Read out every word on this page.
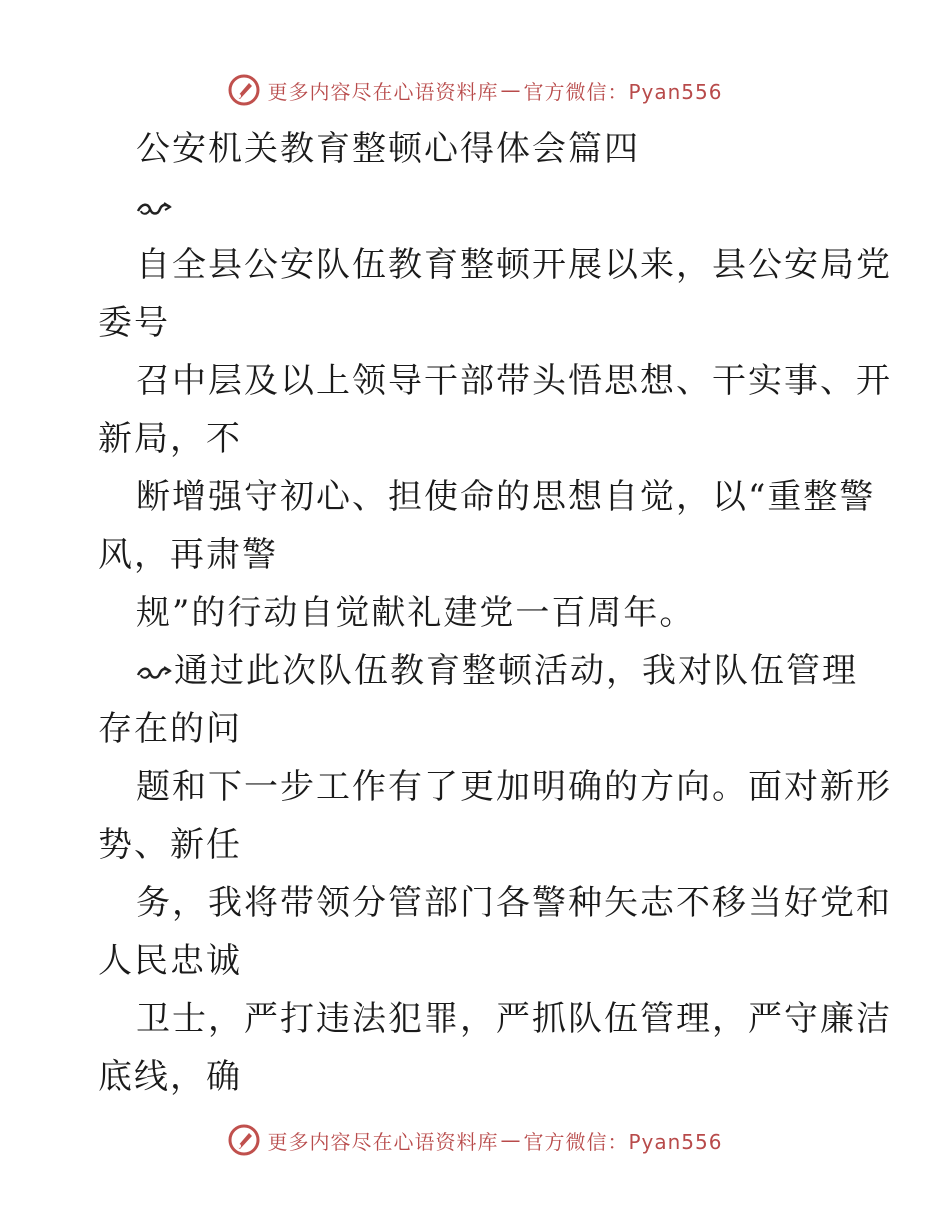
更多内容尽在心语资料库 — 官方微信：Pyan556
公安机关教育整顿心得体会篇四
自全县公安队伍教育整顿开展以来，县公安局党
委号
召中层及以上领导干部带头悟思想、干实事、开
新局，不
断增强守初心、担使命的思想自觉，以“重整警
风，再肃警
规”的行动自觉献礼建党一百周年。
通过此次队伍教育整顿活动，我对队伍管理
存在的问
题和下一步工作有了更加明确的方向。面对新形
势、新任
务，我将带领分管部门各警种矢志不移当好党和
人民忠诚
卫士，严打违法犯罪，严抓队伍管理，严守廉洁
底线，确
更多内容尽在心语资料库 — 官方微信：Pyan556
